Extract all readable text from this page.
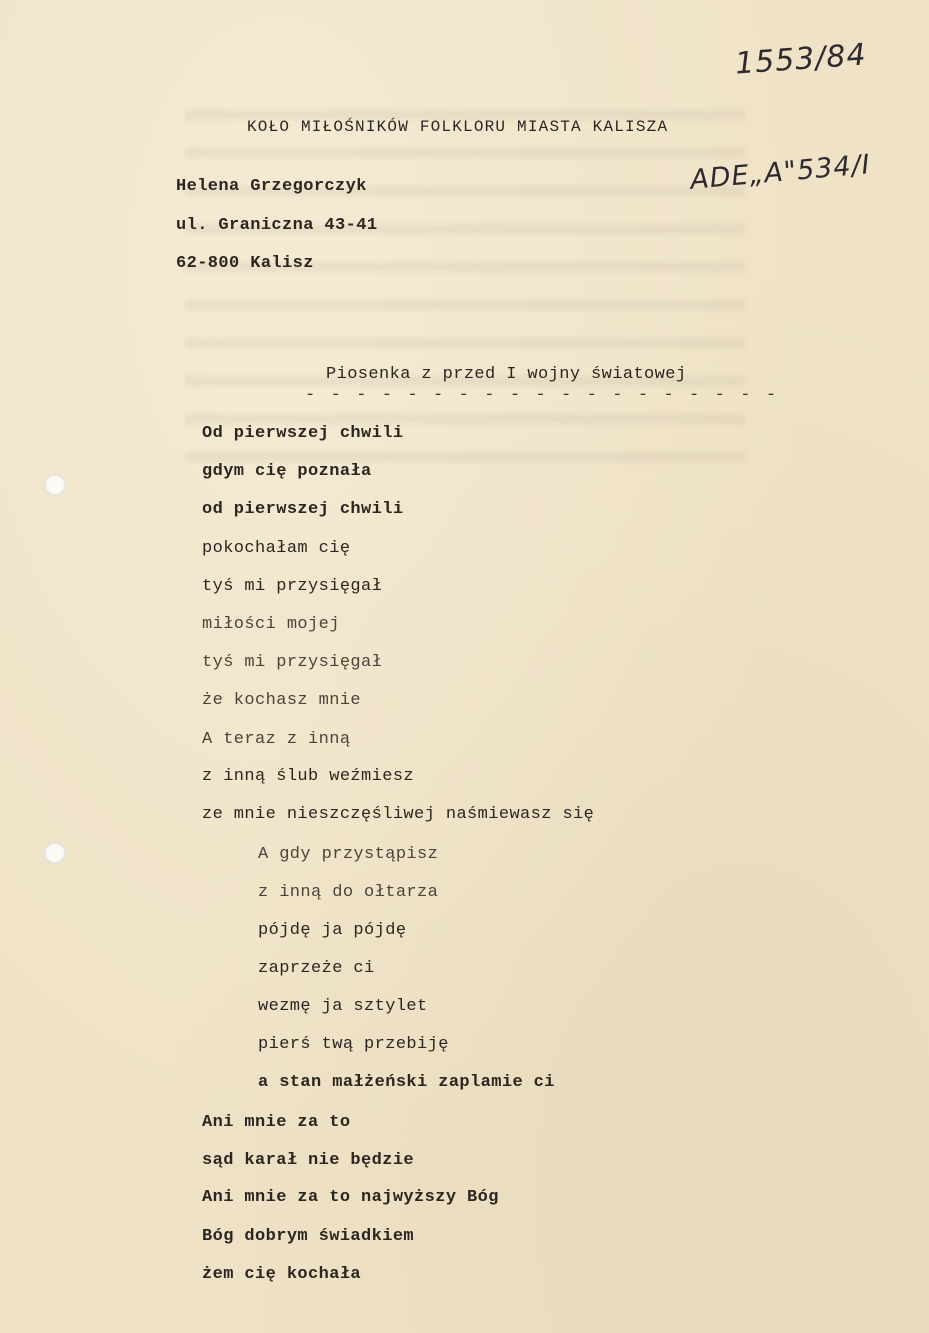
1553/84
ADE„A"534/I
KOŁO MIŁOŚNIKÓW FOLKLORU MIASTA KALISZA
Helena Grzegorczyk
ul. Graniczna 43-41
62-800 Kalisz
Piosenka z przed I wojny światowej
- - - - - - - - - - - - - - - - - - -
Od pierwszej chwili
gdym cię poznała
od pierwszej chwili
pokochałam cię
tyś mi przysięgał
miłości mojej
tyś mi przysięgał
że kochasz mnie
A teraz z inną
z inną ślub weźmiesz
ze mnie nieszczęśliwej naśmiewasz się
A gdy przystąpisz
z inną do ołtarza
pójdę ja pójdę
zaprzeże ci
wezmę ja sztylet
pierś twą przebiję
a stan małżeński zaplamie ci
Ani mnie za to
sąd karał nie będzie
Ani mnie za to najwyższy Bóg
Bóg dobrym świadkiem
żem cię kochała
